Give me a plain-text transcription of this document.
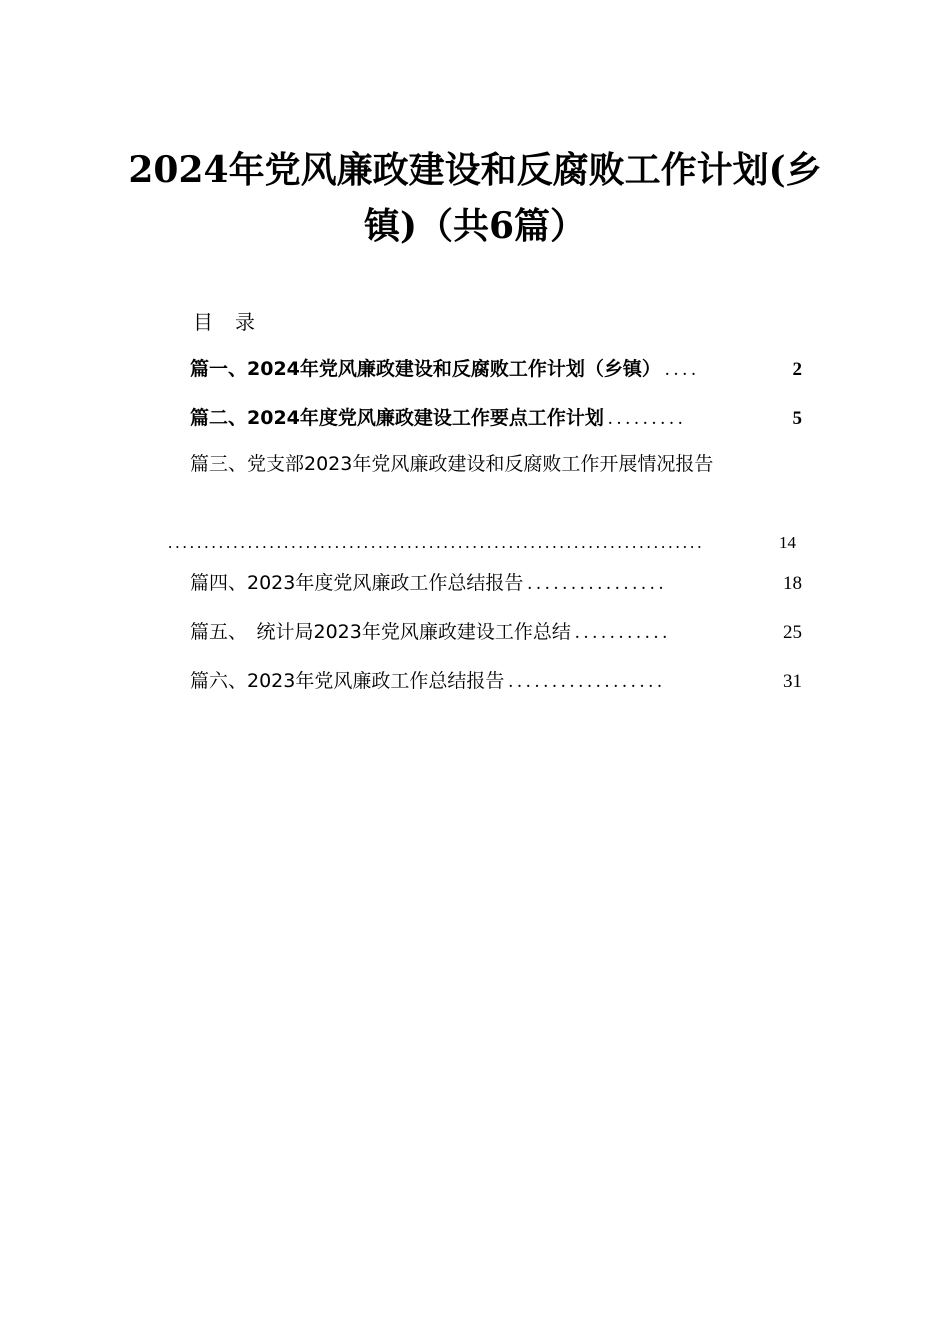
2024年党风廉政建设和反腐败工作计划(乡
镇)（共6篇）
目录
篇一、2024年党风廉政建设和反腐败工作计划（乡镇） ....	2
篇二、2024年度党风廉政建设工作要点工作计划 .........	5
篇三、党支部2023年党风廉政建设和反腐败工作开展情况报告
..........................................................................	14
篇四、2023年度党风廉政工作总结报告 ................	18
篇五、　统计局2023年党风廉政建设工作总结 ...........	25
篇六、2023年党风廉政工作总结报告 ..................	31
